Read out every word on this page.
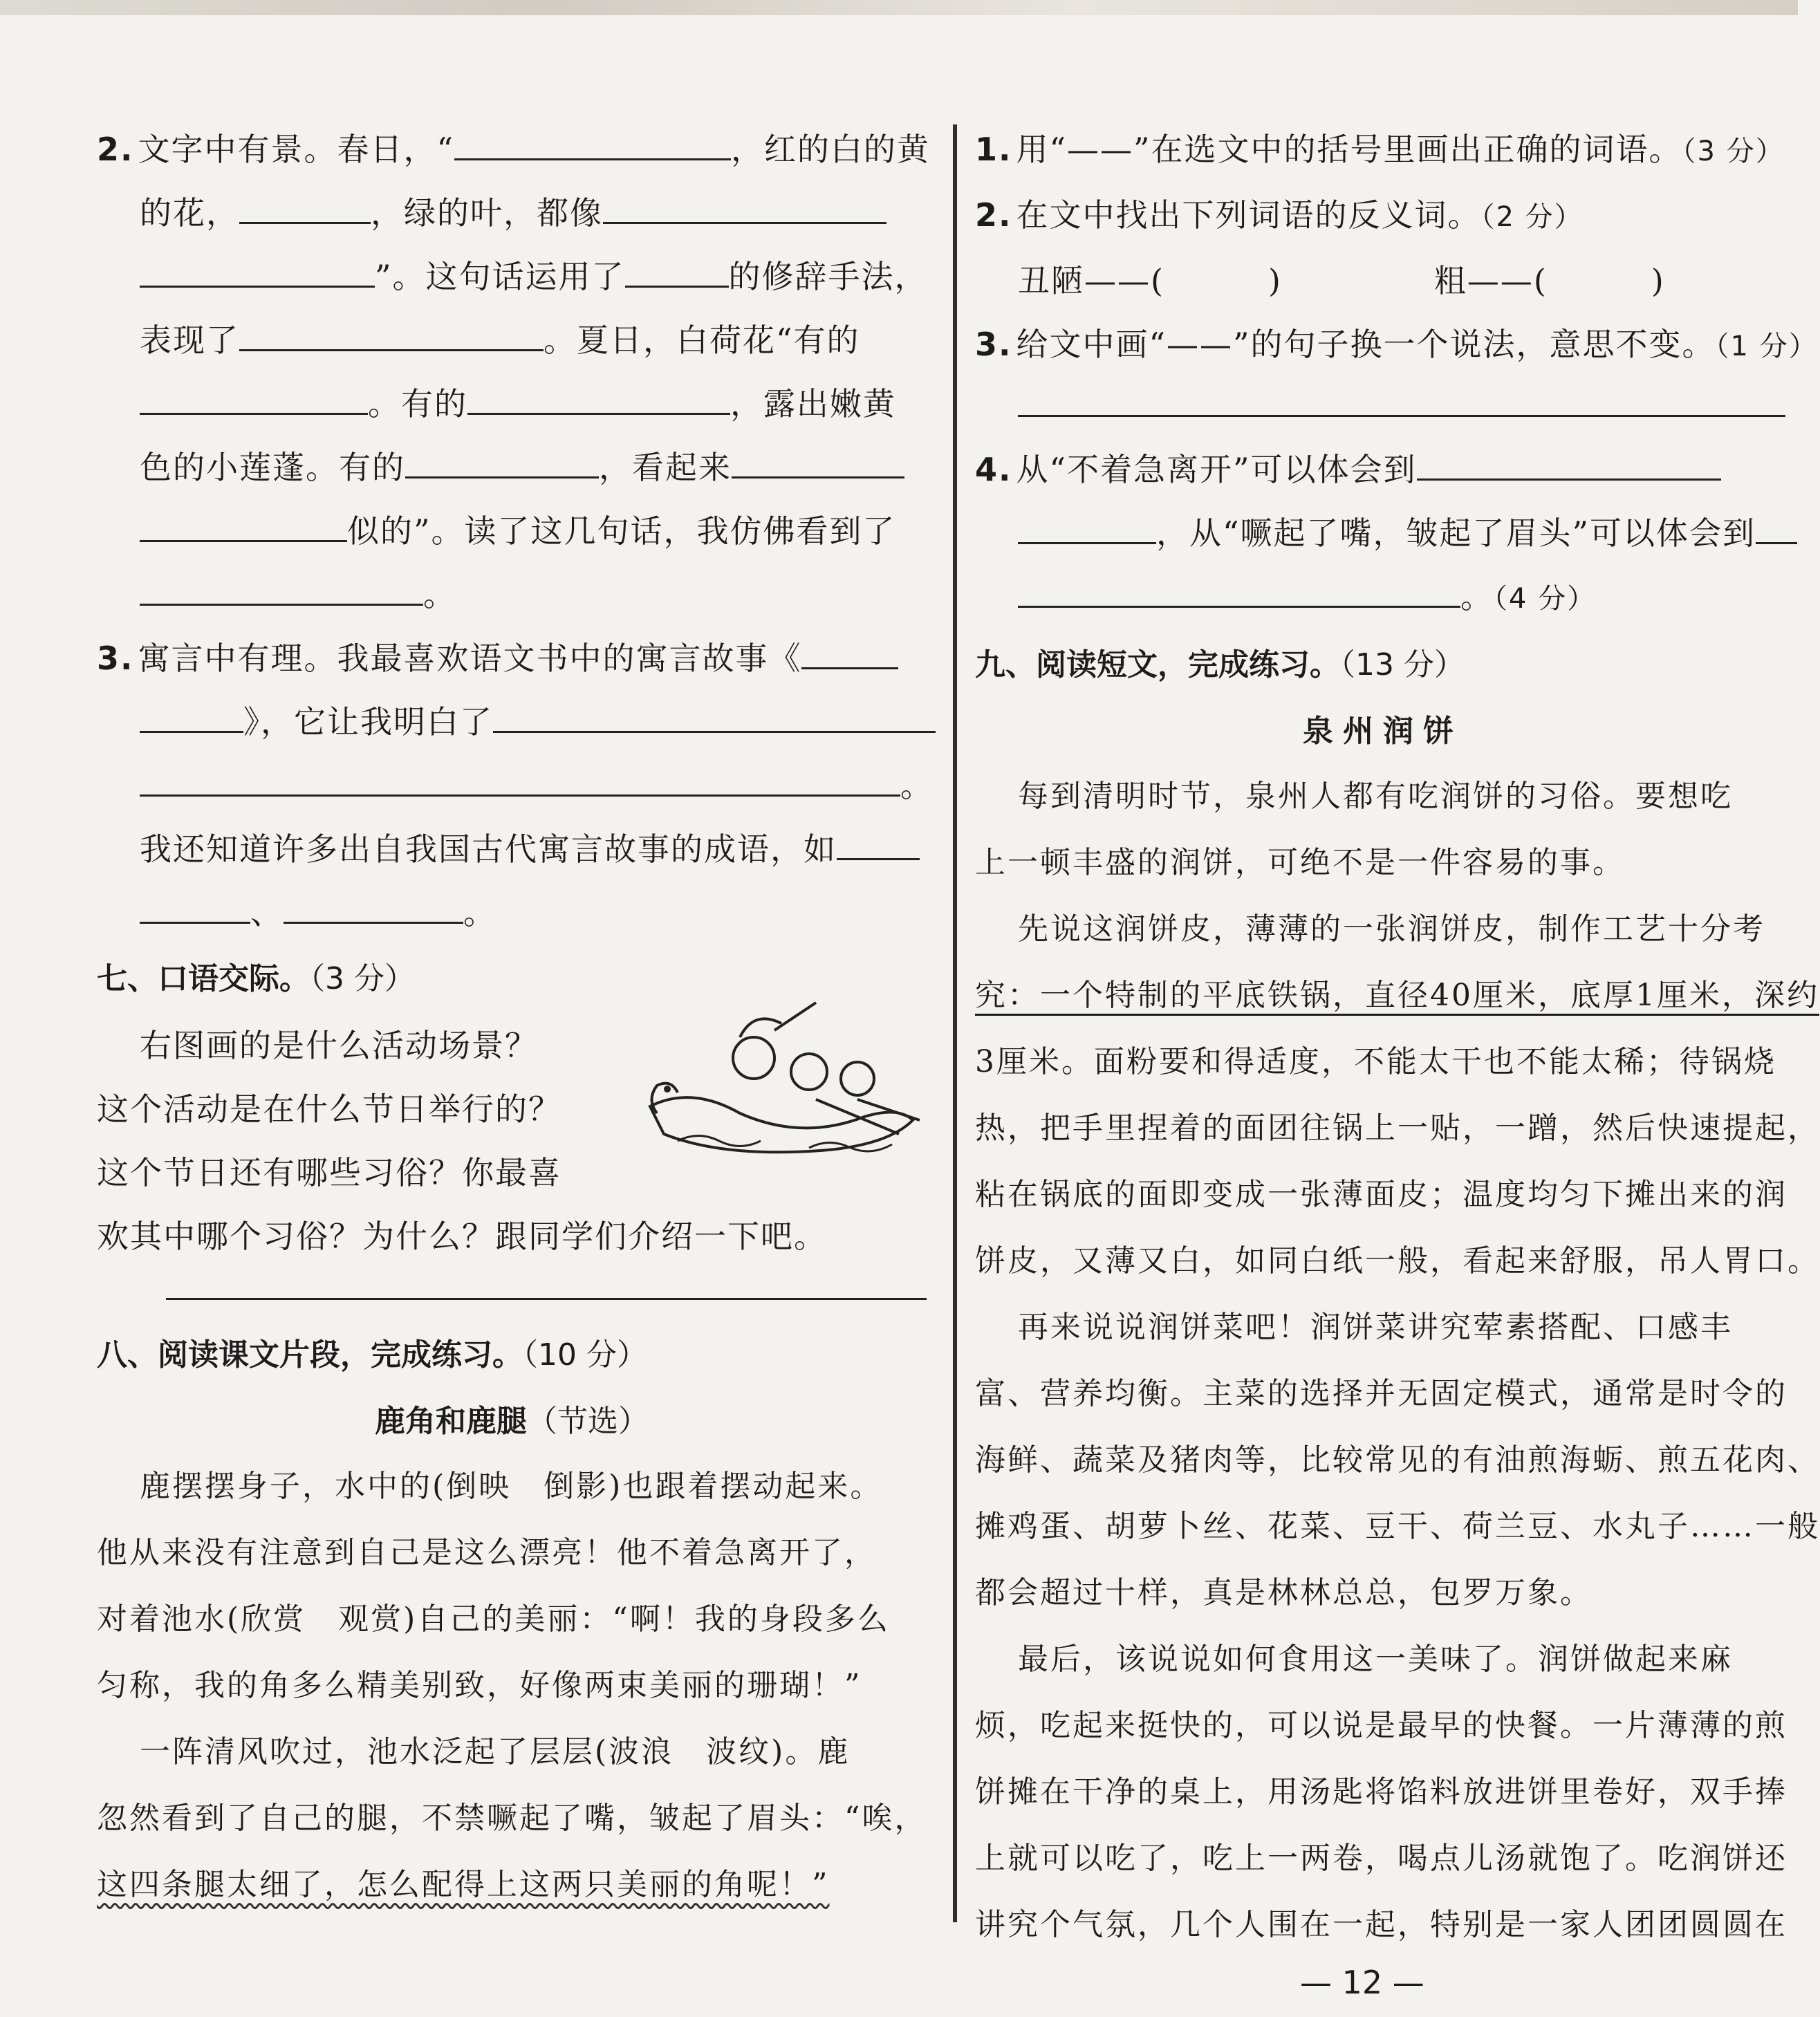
2. 文字中有景。春日，“	，红的白的黄
的花，	，绿的叶，都像
”。这句话运用了	的修辞手法，
表现了	。夏日，白荷花“有的
。有的	，露出嫩黄
色的小莲蓬。有的	，看起来
似的”。读了这几句话，我仿佛看到了
。
3. 寓言中有理。我最喜欢语文书中的寓言故事《
》，它让我明白了
。
我还知道许多出自我国古代寓言故事的成语，如
、	。
七、口语交际。（3 分）
右图画的是什么活动场景？
这个活动是在什么节日举行的？
这个节日还有哪些习俗？你最喜
欢其中哪个习俗？为什么？跟同学们介绍一下吧。
八、阅读课文片段，完成练习。（10 分）
鹿角和鹿腿（节选）
鹿摆摆身子，水中的(倒映　倒影)也跟着摆动起来。
他从来没有注意到自己是这么漂亮！他不着急离开了，
对着池水(欣赏　观赏)自己的美丽：“啊！我的身段多么
匀称，我的角多么精美别致，好像两束美丽的珊瑚！”
一阵清风吹过，池水泛起了层层(波浪　波纹)。鹿
忽然看到了自己的腿，不禁噘起了嘴，皱起了眉头：“唉，
这四条腿太细了，怎么配得上这两只美丽的角呢！”
1. 用“——”在选文中的括号里画出正确的词语。（3 分）
2. 在文中找出下列词语的反义词。（2 分）
丑陋——(	)	粗——(	)
3. 给文中画“——”的句子换一个说法，意思不变。（1 分）
4. 从“不着急离开”可以体会到
，从“噘起了嘴，皱起了眉头”可以体会到
。（4 分）
九、阅读短文，完成练习。（13 分）
泉州润饼
每到清明时节，泉州人都有吃润饼的习俗。要想吃
上一顿丰盛的润饼，可绝不是一件容易的事。
先说这润饼皮，薄薄的一张润饼皮，制作工艺十分考
究：一个特制的平底铁锅，直径40厘米，底厚1厘米，深约
3厘米。面粉要和得适度，不能太干也不能太稀；待锅烧
热，把手里捏着的面团往锅上一贴，一蹭，然后快速提起，
粘在锅底的面即变成一张薄面皮；温度均匀下摊出来的润
饼皮，又薄又白，如同白纸一般，看起来舒服，吊人胃口。
再来说说润饼菜吧！润饼菜讲究荤素搭配、口感丰
富、营养均衡。主菜的选择并无固定模式，通常是时令的
海鲜、蔬菜及猪肉等，比较常见的有油煎海蛎、煎五花肉、
摊鸡蛋、胡萝卜丝、花菜、豆干、荷兰豆、水丸子……一般
都会超过十样，真是林林总总，包罗万象。
最后，该说说如何食用这一美味了。润饼做起来麻
烦，吃起来挺快的，可以说是最早的快餐。一片薄薄的煎
饼摊在干净的桌上，用汤匙将馅料放进饼里卷好，双手捧
上就可以吃了，吃上一两卷，喝点儿汤就饱了。吃润饼还
讲究个气氛，几个人围在一起，特别是一家人团团圆圆在
— 12 —
